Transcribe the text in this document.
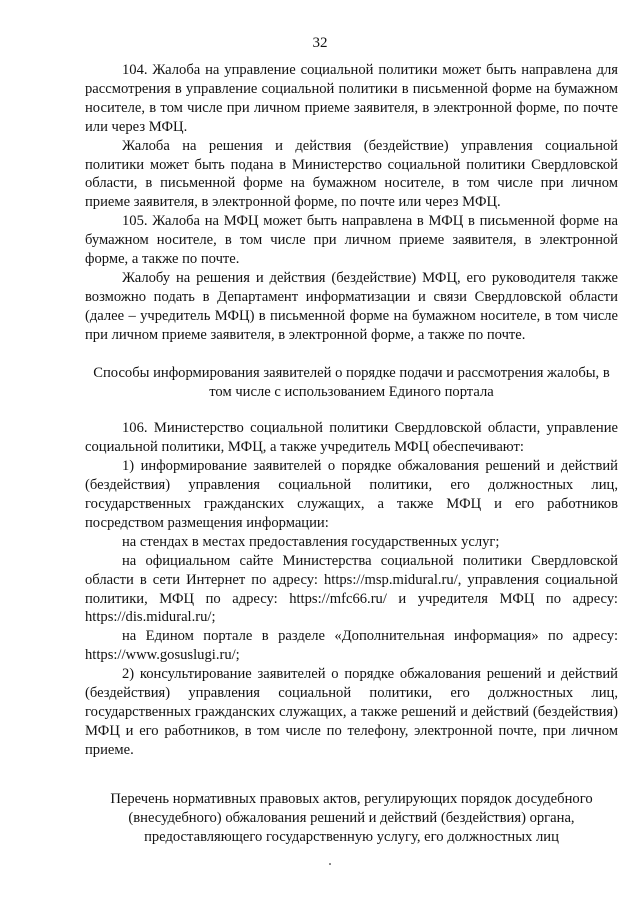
32

104. Жалоба на управление социальной политики может быть направлена для рассмотрения в управление социальной политики в письменной форме на бумажном носителе, в том числе при личном приеме заявителя, в электронной форме, по почте или через МФЦ.

Жалоба на решения и действия (бездействие) управления социальной политики может быть подана в Министерство социальной политики Свердловской области, в письменной форме на бумажном носителе, в том числе при личном приеме заявителя, в электронной форме, по почте или через МФЦ.

105. Жалоба на МФЦ может быть направлена в МФЦ в письменной форме на бумажном носителе, в том числе при личном приеме заявителя, в электронной форме, а также по почте.

Жалобу на решения и действия (бездействие) МФЦ, его руководителя также возможно подать в Департамент информатизации и связи Свердловской области (далее – учредитель МФЦ) в письменной форме на бумажном носителе, в том числе при личном приеме заявителя, в электронной форме, а также по почте.

Способы информирования заявителей о порядке подачи и рассмотрения жалобы, в том числе с использованием Единого портала

106. Министерство социальной политики Свердловской области, управление социальной политики, МФЦ, а также учредитель МФЦ обеспечивают:

1) информирование заявителей о порядке обжалования решений и действий (бездействия) управления социальной политики, его должностных лиц, государственных гражданских служащих, а также МФЦ и его работников посредством размещения информации:

на стендах в местах предоставления государственных услуг;

на официальном сайте Министерства социальной политики Свердловской области в сети Интернет по адресу: https://msp.midural.ru/, управления социальной политики, МФЦ по адресу: https://mfc66.ru/ и учредителя МФЦ по адресу: https://dis.midural.ru/;

на Едином портале в разделе «Дополнительная информация» по адресу: https://www.gosuslugi.ru/;

2) консультирование заявителей о порядке обжалования решений и действий (бездействия) управления социальной политики, его должностных лиц, государственных гражданских служащих, а также решений и действий (бездействия) МФЦ и его работников, в том числе по телефону, электронной почте, при личном приеме.

Перечень нормативных правовых актов, регулирующих порядок досудебного (внесудебного) обжалования решений и действий (бездействия) органа, предоставляющего государственную услугу, его должностных лиц
